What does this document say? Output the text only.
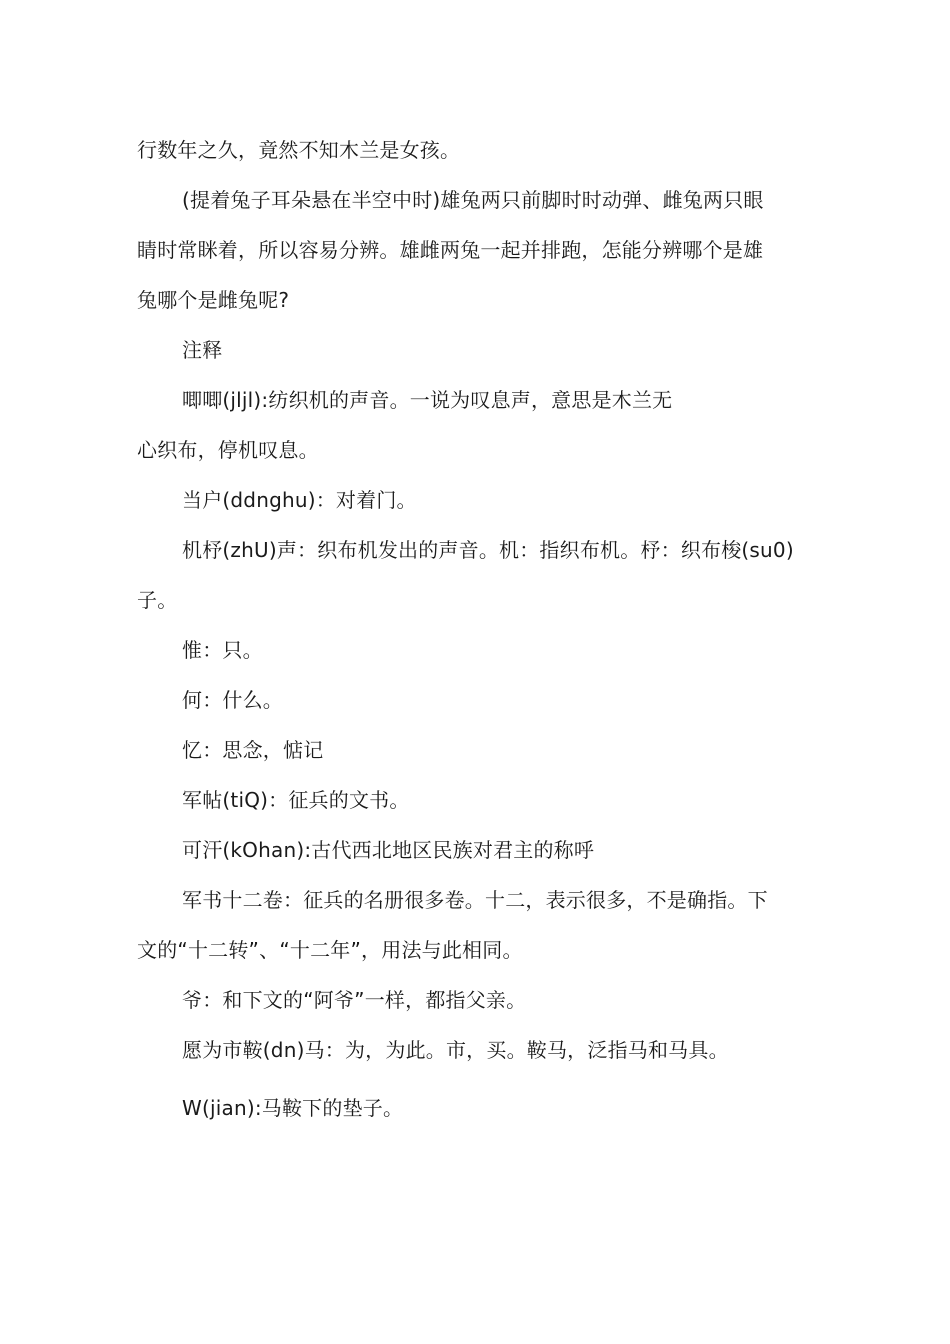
行数年之久，竟然不知木兰是女孩。
(提着兔子耳朵悬在半空中时)雄兔两只前脚时时动弹、雌兔两只眼
睛时常眯着，所以容易分辨。雄雌两兔一起并排跑，怎能分辨哪个是雄
兔哪个是雌兔呢?
注释
唧唧(jljl):纺织机的声音。一说为叹息声，意思是木兰无
心织布，停机叹息。
当户(ddnghu)：对着门。
机杼(zhU)声：织布机发出的声音。机：指织布机。杼：织布梭(su0)
子。
惟：只。
何：什么。
忆：思念，惦记
军帖(tiQ)：征兵的文书。
可汗(kOhan):古代西北地区民族对君主的称呼
军书十二卷：征兵的名册很多卷。十二，表示很多，不是确指。下
文的“十二转”、“十二年”，用法与此相同。
爷：和下文的“阿爷”一样，都指父亲。
愿为市鞍(dn)马：为，为此。市，买。鞍马，泛指马和马具。
W(jian):马鞍下的垫子。
